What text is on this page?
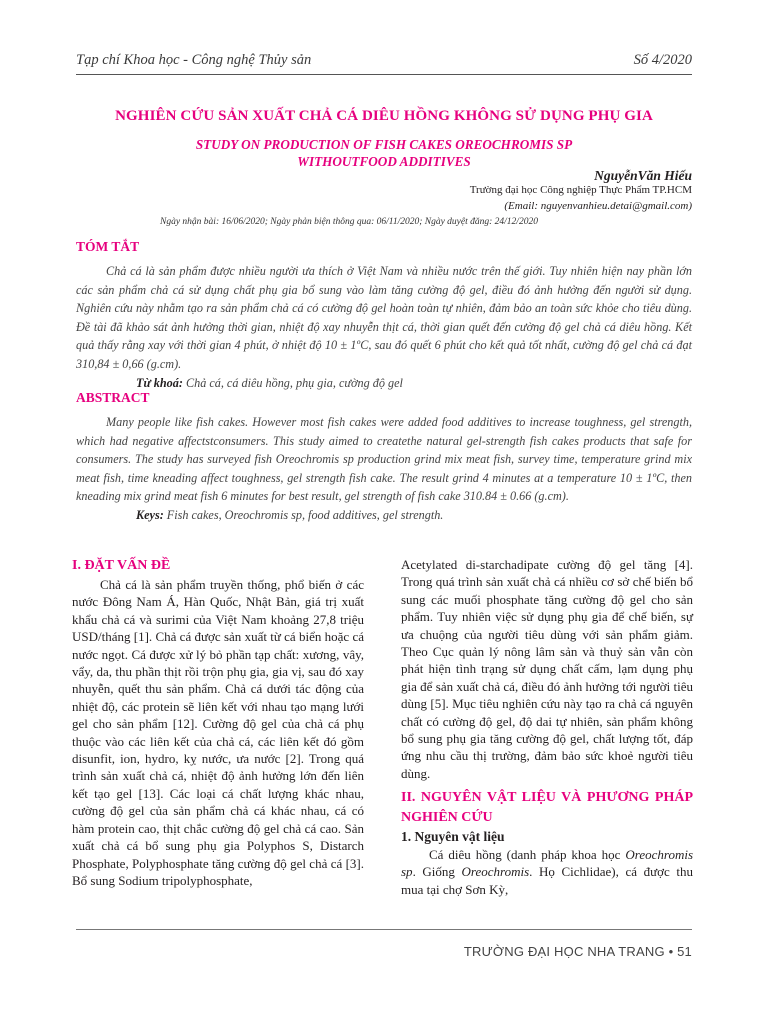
Tạp chí Khoa học - Công nghệ Thủy sản	Số 4/2020
NGHIÊN CỨU SẢN XUẤT CHẢ CÁ DIÊU HỒNG KHÔNG SỬ DỤNG PHỤ GIA
STUDY ON PRODUCTION OF FISH CAKES OREOCHROMIS SP
WITHOUTFOOD ADDITIVES
NguyễnVăn Hiếu
Trường đại học Công nghiệp Thực Phẩm TP.HCM
(Email: nguyenvanhieu.detai@gmail.com)
Ngày nhận bài: 16/06/2020; Ngày phản biện thông qua: 06/11/2020; Ngày duyệt đăng: 24/12/2020
TÓM TẮT

Chả cá là sản phẩm được nhiều người ưa thích ở Việt Nam và nhiều nước trên thế giới. Tuy nhiên hiện nay phần lớn các sản phẩm chả cá sử dụng chất phụ gia bổ sung vào làm tăng cường độ gel, điều đó ảnh hưởng đến người sử dụng. Nghiên cứu này nhằm tạo ra sản phẩm chả cá có cường độ gel hoàn toàn tự nhiên, đảm bảo an toàn sức khỏe cho tiêu dùng. Đề tài đã khảo sát ảnh hưởng thời gian, nhiệt độ xay nhuyễn thịt cá, thời gian quết đến cường độ gel chả cá diêu hồng. Kết quả thấy rằng xay với thời gian 4 phút, ở nhiệt độ 10 ± 1ºC, sau đó quết 6 phút cho kết quả tốt nhất, cường độ gel chả cá đạt 310,84 ± 0,66 (g.cm).

Từ khoá: Chả cá, cá diêu hồng, phụ gia, cường độ gel

ABSTRACT

Many people like fish cakes. However most fish cakes were added food additives to increase toughness, gel strength, which had negative affectstconsumers. This study aimed to createthe natural gel-strength fish cakes products that safe for consumers. The study has surveyed fish Oreochromis sp production grind mix meat fish, survey time, temperature grind mix meat fish, time kneading affect toughness, gel strength fish cake. The result grind 4 minutes at a temperature 10 ± 1ºC, then kneading mix grind meat fish 6 minutes for best result, gel strength of fish cake 310.84 ± 0.66 (g.cm).

Keys: Fish cakes, Oreochromis sp, food additives, gel strength.

I. ĐẶT VẤN ĐỀ

Chả cá là sản phẩm truyền thống, phổ biến ở các nước Đông Nam Á, Hàn Quốc, Nhật Bản, giá trị xuất khẩu chả cá và surimi của Việt Nam khoảng 27,8 triệu USD/tháng [1]. Chả cá được sản xuất từ cá biển hoặc cá nước ngọt. Cá được xử lý bỏ phần tạp chất: xương, vây, vẩy, da, thu phần thịt rồi trộn phụ gia, gia vị, sau đó xay nhuyễn, quết thu sản phẩm. Chả cá dưới tác động của nhiệt độ, các protein sẽ liên kết với nhau tạo mạng lưới gel cho sản phẩm [12]. Cường độ gel của chả cá phụ thuộc vào các liên kết của chả cá, các liên kết đó gồm disunfit, ion, hydro, kỵ nước, ưa nước [2]. Trong quá trình sản xuất chả cá, nhiệt độ ảnh hưởng lớn đến liên kết tạo gel [13]. Các loại cá chất lượng khác nhau, cường độ gel của sản phẩm chả cá khác nhau, cá có hàm protein cao, thịt chắc cường độ gel chả cá cao. Sản xuất chả cá bổ sung phụ gia Polyphos S, Distarch Phosphate, Polyphosphate tăng cường độ gel chả cá [3]. Bổ sung Sodium tripolyphosphate,

Acetylated di-starchadipate cường độ gel tăng [4]. Trong quá trình sản xuất chả cá nhiều cơ sở chế biến bổ sung các muối phosphate tăng cường độ gel cho sản phẩm. Tuy nhiên việc sử dụng phụ gia để chế biến, sự ưa chuộng của người tiêu dùng với sản phẩm giảm. Theo Cục quản lý nông lâm sản và thuỷ sản vẫn còn phát hiện tình trạng sử dụng chất cấm, lạm dụng phụ gia để sản xuất chả cá, điều đó ảnh hưởng tới người tiêu dùng [5]. Mục tiêu nghiên cứu này tạo ra chả cá nguyên chất có cường độ gel, độ dai tự nhiên, sản phẩm không bổ sung phụ gia tăng cường độ gel, chất lượng tốt, đáp ứng nhu cầu thị trường, đảm bảo sức khoẻ người tiêu dùng.

II. NGUYÊN VẬT LIỆU VÀ PHƯƠNG PHÁP NGHIÊN CỨU

1. Nguyên vật liệu

Cá diêu hồng (danh pháp khoa học Oreochromis sp. Giống Oreochromis. Họ Cichlidae), cá được thu mua tại chợ Sơn Kỳ,

TRƯỜNG ĐẠI HỌC NHA TRANG • 51
